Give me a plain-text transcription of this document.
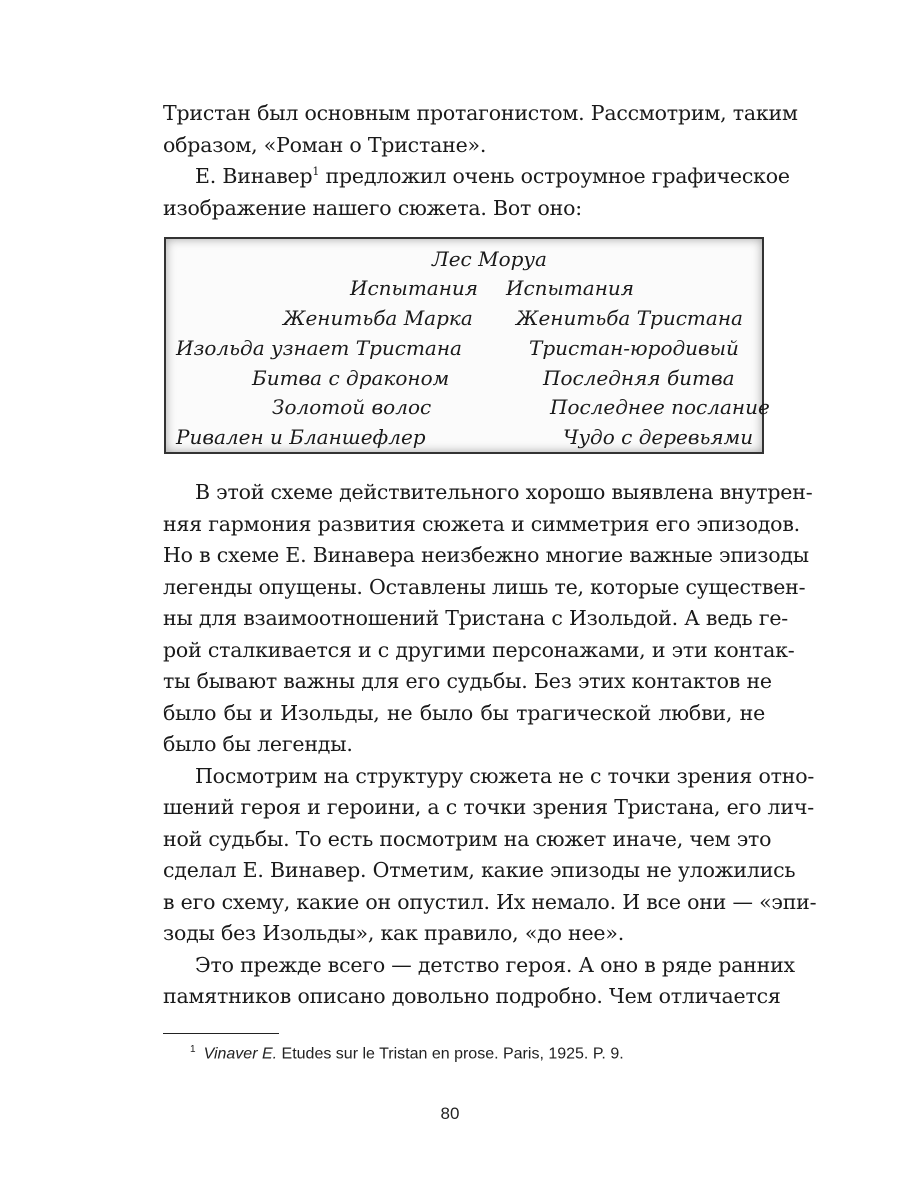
Тристан был основным протагонистом. Рассмотрим, таким
образом, «Роман о Тристане».
Е. Винавер$^1$ предложил очень остроумное графическое
изображение нашего сюжета. Вот оно:
Лес Моруа
Испытания
Женитьба Марка
Изольда узнает Тристана
Битва с драконом
Золотой волос
Ривален и Бланшефлер
Испытания
Женитьба Тристана
Тристан-юродивый
Последняя битва
Последнее послание
Чудо с деревьями
В этой схеме действительного хорошо выявлена внутрен-
няя гармония развития сюжета и симметрия его эпизодов.
Но в схеме Е. Винавера неизбежно многие важные эпизоды
легенды опущены. Оставлены лишь те, которые существен-
ны для взаимоотношений Тристана с Изольдой. А ведь ге-
рой сталкивается и с другими персонажами, и эти контак-
ты бывают важны для его судьбы. Без этих контактов не
было бы и Изольды, не было бы трагической любви, не
было бы легенды.
Посмотрим на структуру сюжета не с точки зрения отно-
шений героя и героини, а с точки зрения Тристана, его лич-
ной судьбы. То есть посмотрим на сюжет иначе, чем это
сделал Е. Винавер. Отметим, какие эпизоды не уложились
в его схему, какие он опустил. Их немало. И все они — «эпи-
зоды без Изольды», как правило, «до нее».
Это прежде всего — детство героя. А оно в ряде ранних
памятников описано довольно подробно. Чем отличается
$^1$ Vinaver E. Etudes sur le Tristan en prose. Paris, 1925. P. 9.
80
